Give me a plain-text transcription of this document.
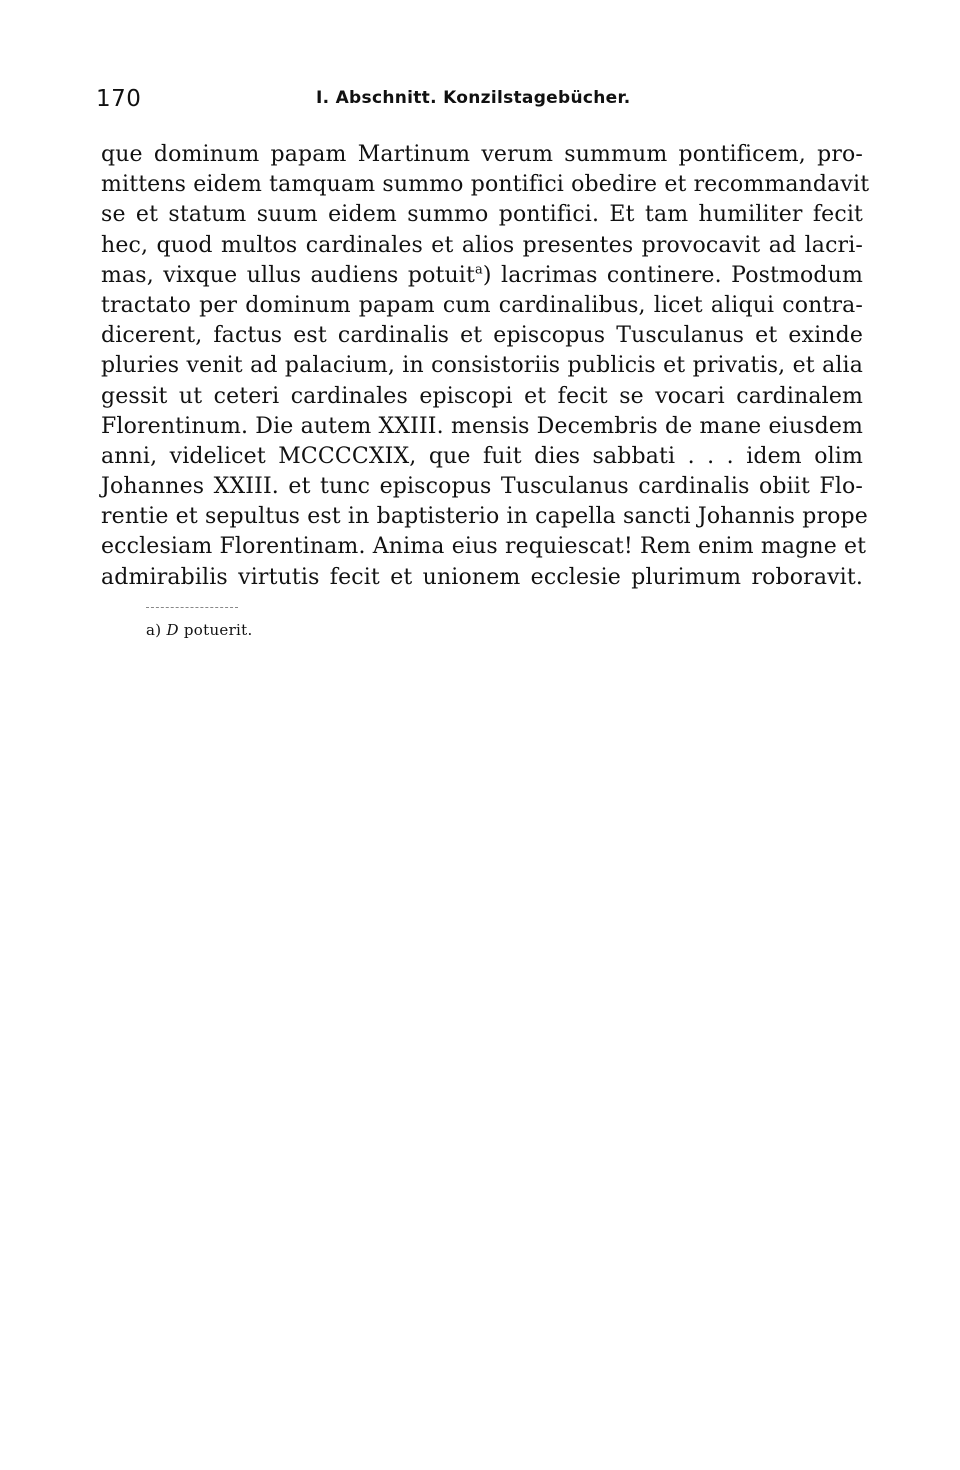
170	I. Abschnitt. Konzilstagebücher.
que dominum papam Martinum verum summum pontificem, pro-
mittens eidem tamquam summo pontifici obedire et recommandavit
se et statum suum eidem summo pontifici. Et tam humiliter fecit
hec, quod multos cardinales et alios presentes provocavit ad lacri-
mas, vixque ullus audiens potuit$^a$) lacrimas continere. Postmodum
tractato per dominum papam cum cardinalibus, licet aliqui contra-
dicerent, factus est cardinalis et episcopus Tusculanus et exinde
pluries venit ad palacium, in consistoriis publicis et privatis, et alia
gessit ut ceteri cardinales episcopi et fecit se vocari cardinalem
Florentinum. Die autem XXIII. mensis Decembris de mane eiusdem
anni, videlicet MCCCCXIX, que fuit dies sabbati . . . idem olim
Johannes XXIII. et tunc episcopus Tusculanus cardinalis obiit Flo-
rentie et sepultus est in baptisterio in capella sancti Johannis prope
ecclesiam Florentinam. Anima eius requiescat! Rem enim magne et
admirabilis virtutis fecit et unionem ecclesie plurimum roboravit.
a) D potuerit.
